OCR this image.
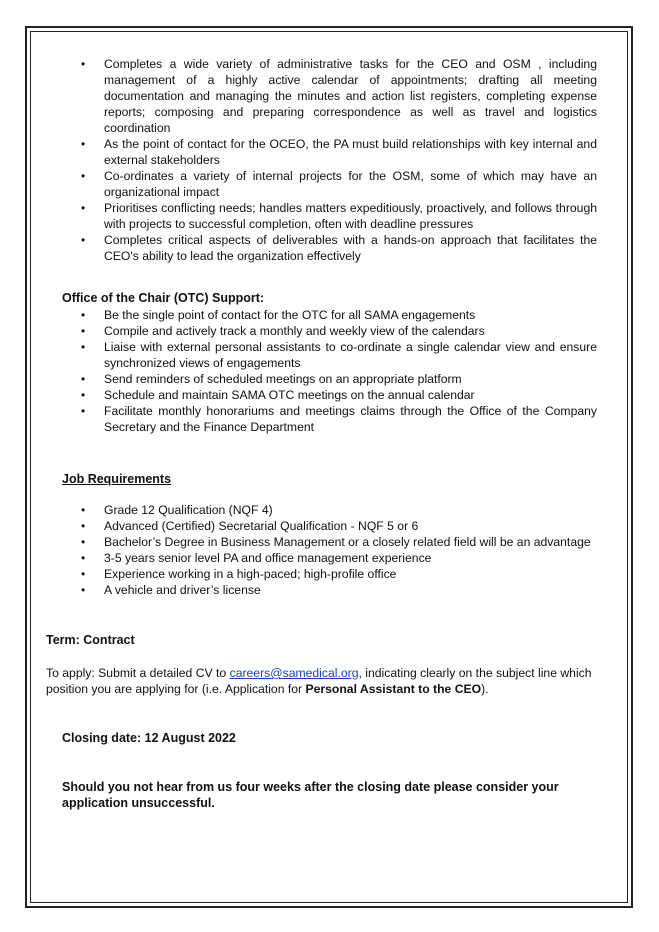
• Completes a wide variety of administrative tasks for the CEO and OSM , including management of a highly active calendar of appointments; drafting all meeting documentation and managing the minutes and action list registers, completing expense reports; composing and preparing correspondence as well as travel and logistics coordination
• As the point of contact for the OCEO, the PA must build relationships with key internal and external stakeholders
• Co-ordinates a variety of internal projects for the OSM, some of which may have an organizational impact
• Prioritises conflicting needs; handles matters expeditiously, proactively, and follows through with projects to successful completion, often with deadline pressures
• Completes critical aspects of deliverables with a hands-on approach that facilitates the CEO's ability to lead the organization effectively
Office of the Chair (OTC) Support:
• Be the single point of contact for the OTC for all SAMA engagements
• Compile and actively track a monthly and weekly view of the calendars
• Liaise with external personal assistants to co-ordinate a single calendar view and ensure synchronized views of engagements
• Send reminders of scheduled meetings on an appropriate platform
• Schedule and maintain SAMA OTC meetings on the annual calendar
• Facilitate monthly honorariums and meetings claims through the Office of the Company Secretary and the Finance Department
Job Requirements
• Grade 12 Qualification (NQF 4)
• Advanced (Certified) Secretarial Qualification - NQF 5 or 6
• Bachelor’s Degree in Business Management or a closely related field will be an advantage
• 3-5 years senior level PA and office management experience
• Experience working in a high-paced; high-profile office
• A vehicle and driver’s license
Term: Contract
To apply: Submit a detailed CV to careers@samedical.org, indicating clearly on the subject line which position you are applying for (i.e. Application for Personal Assistant to the CEO).
Closing date: 12 August 2022
Should you not hear from us four weeks after the closing date please consider your application unsuccessful.
